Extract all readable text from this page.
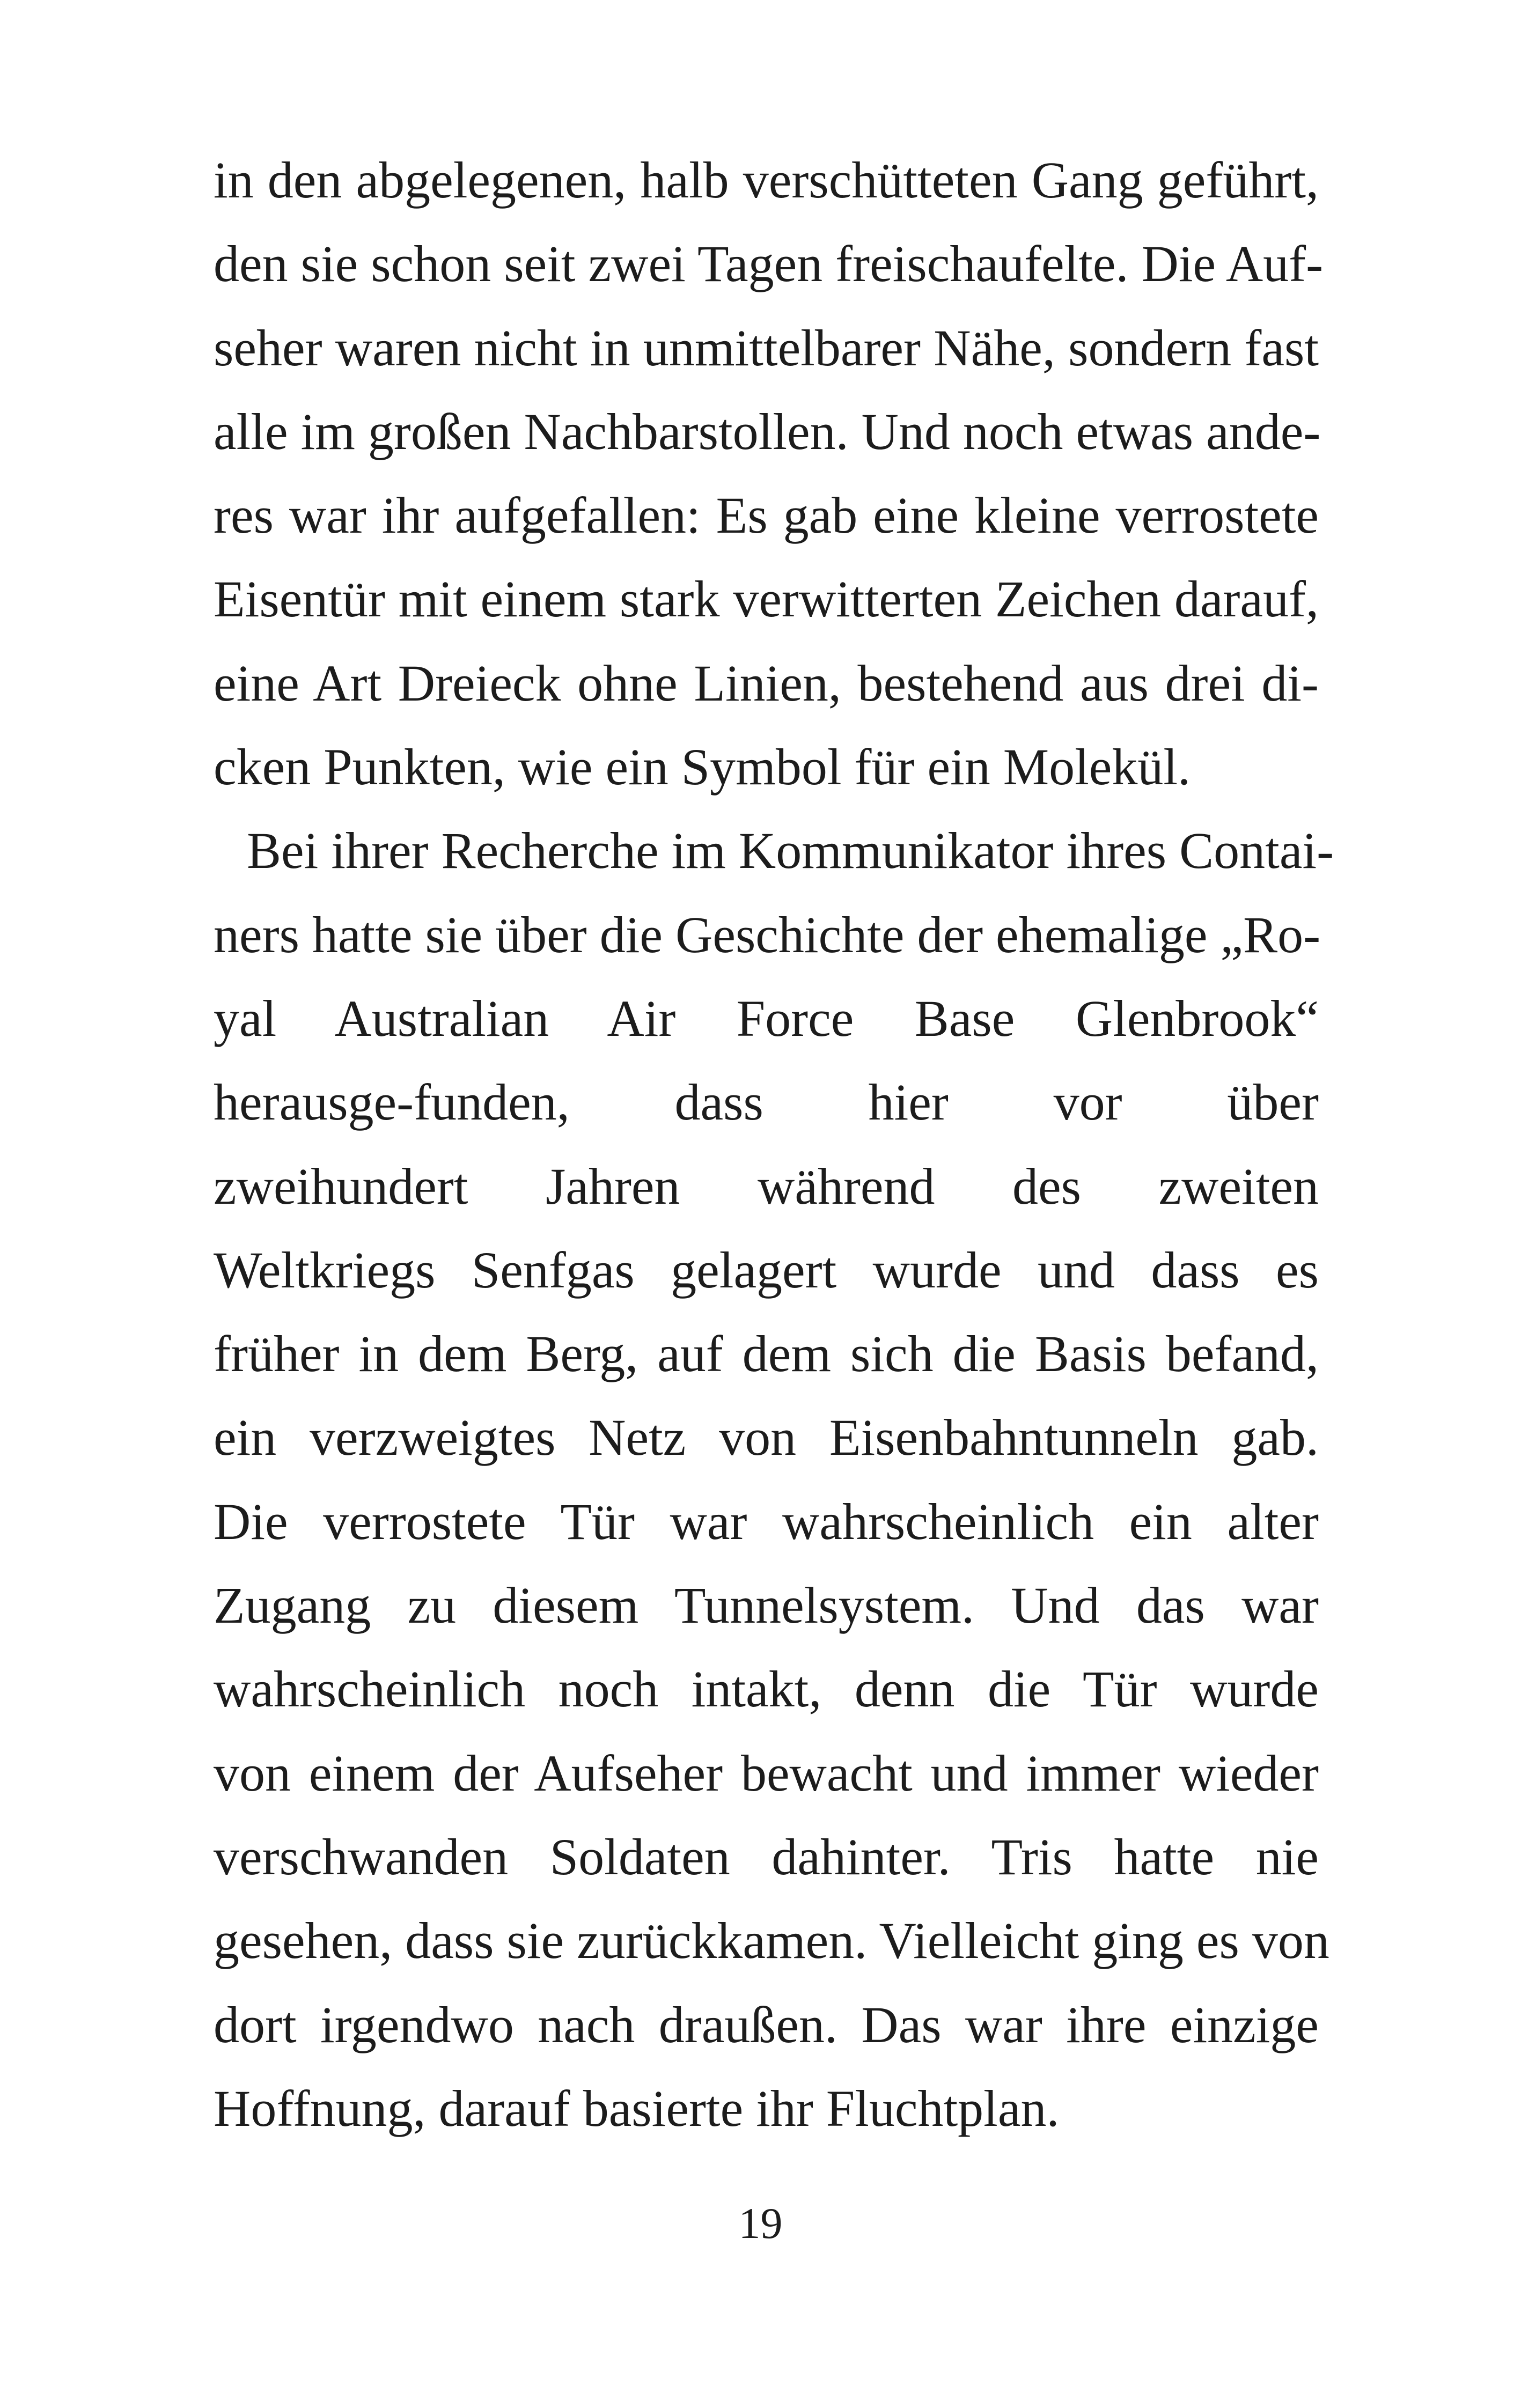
in den abgelegenen, halb verschütteten Gang geführt,
den sie schon seit zwei Tagen freischaufelte. Die Auf-
seher waren nicht in unmittelbarer Nähe, sondern fast
alle im großen Nachbarstollen. Und noch etwas ande-
res war ihr aufgefallen: Es gab eine kleine verrostete
Eisentür mit einem stark verwitterten Zeichen darauf,
eine Art Dreieck ohne Linien, bestehend aus drei di-
cken Punkten, wie ein Symbol für ein Molekül.
Bei ihrer Recherche im Kommunikator ihres Contai-
ners hatte sie über die Geschichte der ehemalige „Ro-
yal Australian Air Force Base Glenbrook“
herausge-funden, dass hier vor über
zweihundert Jahren während des zweiten
Weltkriegs Senfgas gelagert wurde und dass es
früher in dem Berg, auf dem sich die Basis befand,
ein verzweigtes Netz von Eisenbahntunneln gab.
Die verrostete Tür war wahrscheinlich ein alter
Zugang zu diesem Tunnelsystem. Und das war
wahrscheinlich noch intakt, denn die Tür wurde
von einem der Aufseher bewacht und immer wieder
verschwanden Soldaten dahinter. Tris hatte nie
gesehen, dass sie zurückkamen. Vielleicht ging es von
dort irgendwo nach draußen. Das war ihre einzige
Hoffnung, darauf basierte ihr Fluchtplan.
19
